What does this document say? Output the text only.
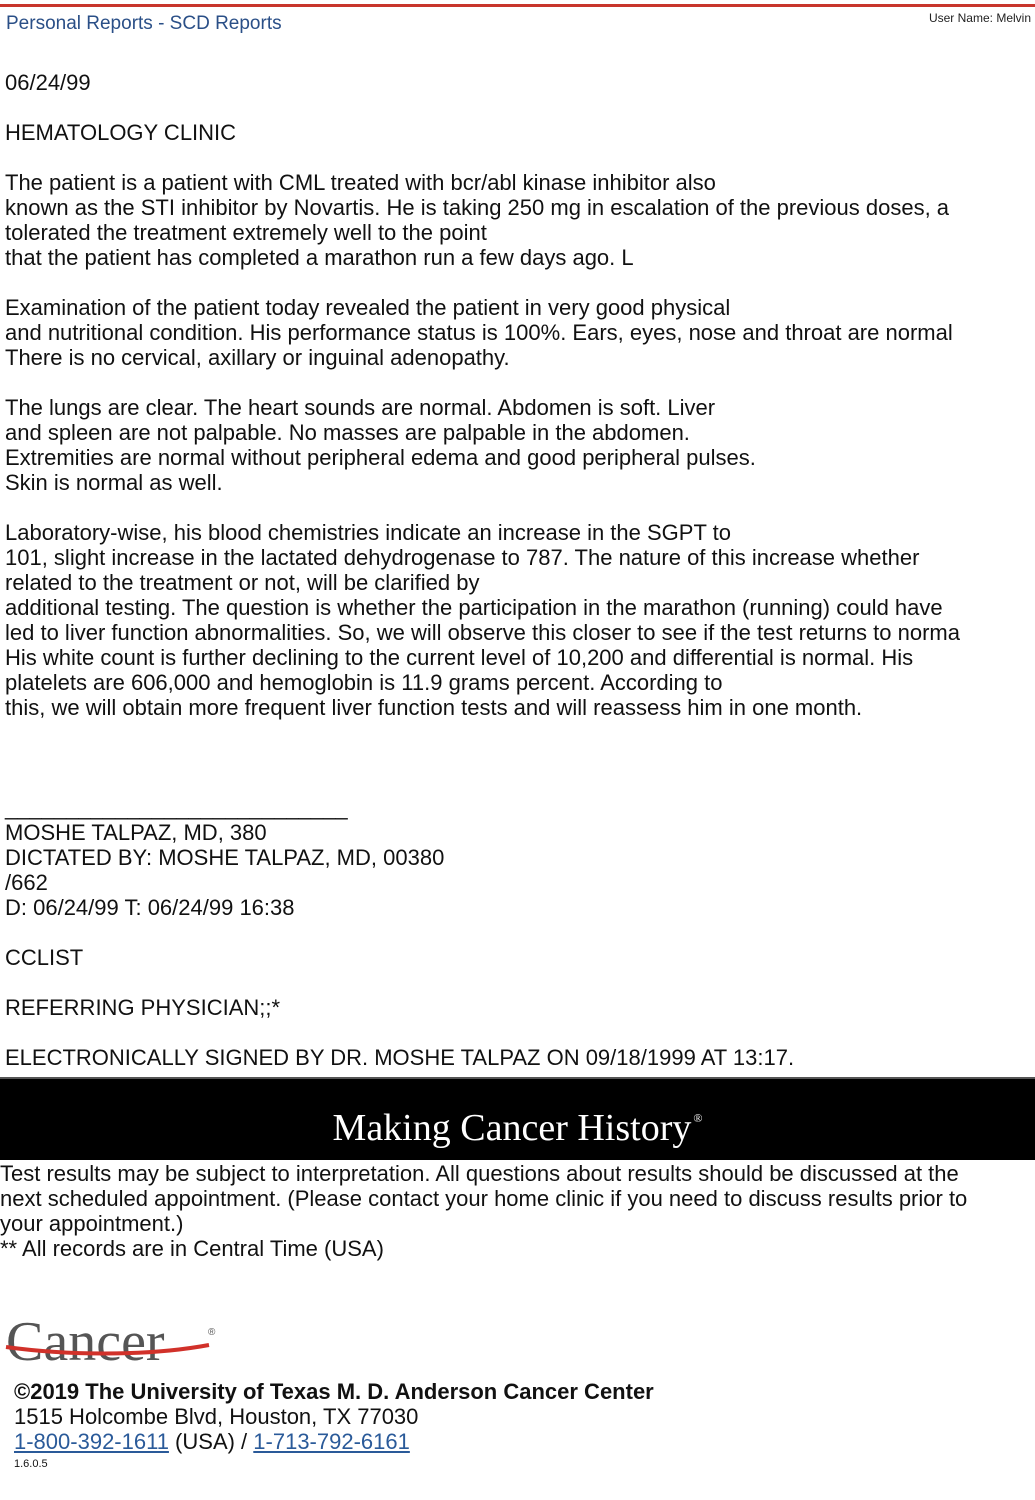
Personal Reports - SCD Reports	User Name: Melvin
06/24/99

HEMATOLOGY CLINIC

The patient is a patient with CML treated with bcr/abl kinase inhibitor also
known as the STI inhibitor by Novartis. He is taking 250 mg in escalation of the previous doses, a
tolerated the treatment extremely well to the point
that the patient has completed a marathon run a few days ago. L

Examination of the patient today revealed the patient in very good physical
and nutritional condition. His performance status is 100%. Ears, eyes, nose and throat are normal
There is no cervical, axillary or inguinal adenopathy.

The lungs are clear. The heart sounds are normal. Abdomen is soft. Liver
and spleen are not palpable. No masses are palpable in the abdomen.
Extremities are normal without peripheral edema and good peripheral pulses.
Skin is normal as well.

Laboratory-wise, his blood chemistries indicate an increase in the SGPT to
101, slight increase in the lactated dehydrogenase to 787. The nature of this increase whether
related to the treatment or not, will be clarified by
additional testing. The question is whether the participation in the marathon (running) could have
led to liver function abnormalities. So, we will observe this closer to see if the test returns to norma
His white count is further declining to the current level of 10,200 and differential is normal. His
platelets are 606,000 and hemoglobin is 11.9 grams percent. According to
this, we will obtain more frequent liver function tests and will reassess him in one month.

____________________________
MOSHE TALPAZ, MD, 380
DICTATED BY: MOSHE TALPAZ, MD, 00380
/662
D: 06/24/99 T: 06/24/99 16:38

CCLIST

REFERRING PHYSICIAN;;*

ELECTRONICALLY SIGNED BY DR. MOSHE TALPAZ ON 09/18/1999 AT 13:17.
Making Cancer History ®
Test results may be subject to interpretation. All questions about results should be discussed at the
next scheduled appointment. (Please contact your home clinic if you need to discuss results prior to
your appointment.)
** All records are in Central Time (USA)
Cancer	®
©2019 The University of Texas M. D. Anderson Cancer Center
1515 Holcombe Blvd, Houston, TX 77030
1-800-392-1611 (USA) / 1-713-792-6161
1.6.0.5
